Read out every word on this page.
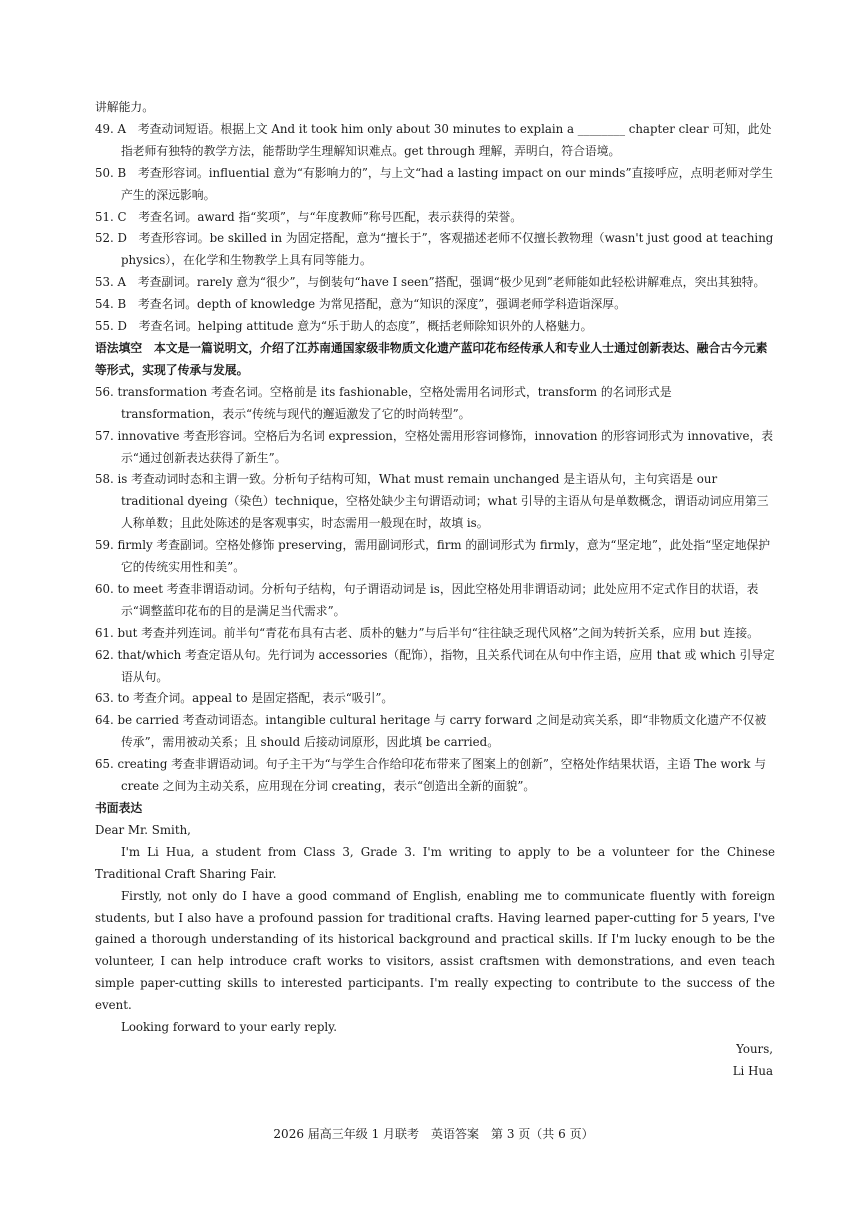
讲解能力。

49. A　 考查动词短语。根据上文 And it took him only about 30 minutes to explain a ________ chapter clear 可知，此处指老师有独特的教学方法，能帮助学生理解知识难点。get through 理解，弄明白，符合语境。

50. B　 考查形容词。influential 意为“有影响力的”，与上文“had a lasting impact on our minds”直接呼应，点明老师对学生产生的深远影响。

51. C　 考查名词。award 指“奖项”，与“年度教师”称号匹配，表示获得的荣誉。

52. D　 考查形容词。be skilled in 为固定搭配，意为“擅长于”，客观描述老师不仅擅长教物理（wasn't just good at teaching physics），在化学和生物教学上具有同等能力。

53. A　 考查副词。rarely 意为“很少”，与倒装句“have I seen”搭配，强调“极少见到”老师能如此轻松讲解难点，突出其独特。

54. B　 考查名词。depth of knowledge 为常见搭配，意为“知识的深度”，强调老师学科造诣深厚。

55. D　 考查名词。helping attitude 意为“乐于助人的态度”，概括老师除知识外的人格魅力。

语法填空　本文是一篇说明文，介绍了江苏南通国家级非物质文化遗产蓝印花布经传承人和专业人士通过创新表达、融合古今元素等形式，实现了传承与发展。

56. transformation 考查名词。空格前是 its fashionable，空格处需用名词形式，transform 的名词形式是 transformation，表示“传统与现代的邂逅激发了它的时尚转型”。

57. innovative 考查形容词。空格后为名词 expression，空格处需用形容词修饰，innovation 的形容词形式为 innovative，表示“通过创新表达获得了新生”。

58. is 考查动词时态和主谓一致。分析句子结构可知，What must remain unchanged 是主语从句，主句宾语是 our traditional dyeing（染色）technique，空格处缺少主句谓语动词；what 引导的主语从句是单数概念，谓语动词应用第三人称单数；且此处陈述的是客观事实，时态需用一般现在时，故填 is。

59. firmly 考查副词。空格处修饰 preserving，需用副词形式，firm 的副词形式为 firmly，意为“坚定地”，此处指“坚定地保护它的传统实用性和美”。

60. to meet 考查非谓语动词。分析句子结构，句子谓语动词是 is，因此空格处用非谓语动词；此处应用不定式作目的状语，表示“调整蓝印花布的目的是满足当代需求”。

61. but 考查并列连词。前半句“青花布具有古老、质朴的魅力”与后半句“往往缺乏现代风格”之间为转折关系，应用 but 连接。

62. that/which 考查定语从句。先行词为 accessories（配饰），指物，且关系代词在从句中作主语，应用 that 或 which 引导定语从句。

63. to 考查介词。appeal to 是固定搭配，表示“吸引”。

64. be carried 考查动词语态。intangible cultural heritage 与 carry forward 之间是动宾关系，即“非物质文化遗产不仅被传承”，需用被动关系；且 should 后接动词原形，因此填 be carried。

65. creating 考查非谓语动词。句子主干为“与学生合作给印花布带来了图案上的创新”，空格处作结果状语，主语 The work 与 create 之间为主动关系，应用现在分词 creating，表示“创造出全新的面貌”。

书面表达

Dear Mr. Smith,

I'm Li Hua, a student from Class 3, Grade 3. I'm writing to apply to be a volunteer for the Chinese Traditional Craft Sharing Fair.

Firstly, not only do I have a good command of English, enabling me to communicate fluently with foreign students, but I also have a profound passion for traditional crafts. Having learned paper-cutting for 5 years, I've gained a thorough understanding of its historical background and practical skills. If I'm lucky enough to be the volunteer, I can help introduce craft works to visitors, assist craftsmen with demonstrations, and even teach simple paper-cutting skills to interested participants. I'm really expecting to contribute to the success of the event.

Looking forward to your early reply.

Yours,

Li Hua

2026 届高三年级 1 月联考　英语答案　第 3 页（共 6 页）
